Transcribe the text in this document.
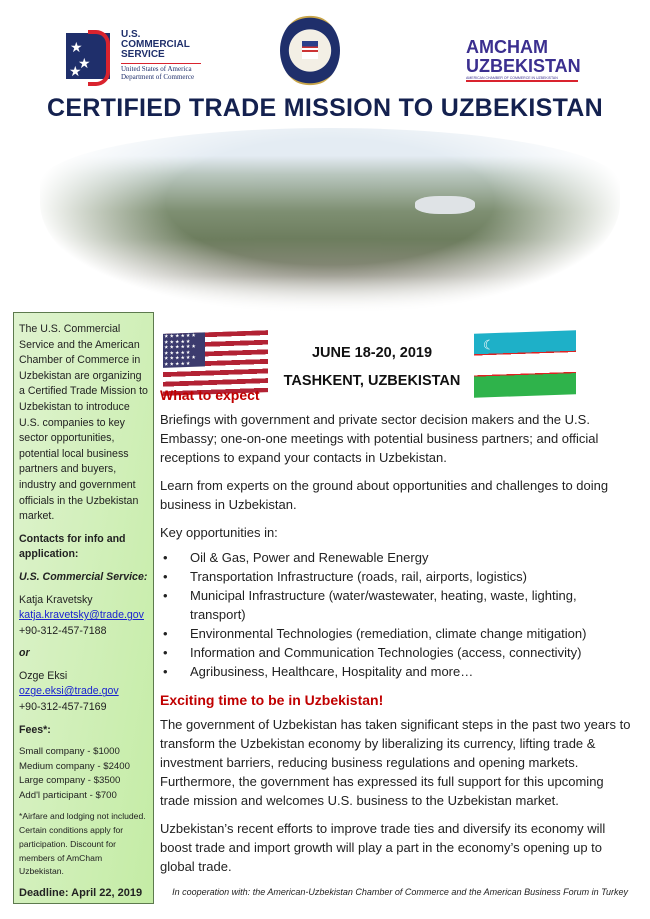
★
★
★
U.S.
COMMERCIAL
SERVICE
United States of America
Department of Commerce
AMCHAM
UZBEKISTAN
AMERICAN CHAMBER OF COMMERCE IN UZBEKISTAN
CERTIFIED TRADE MISSION TO UZBEKISTAN

The U.S. Commercial Service and the American Chamber of Commerce in Uzbekistan are organizing a Certified Trade Mission to Uzbekistan to introduce U.S. companies to key sector opportunities, potential local business partners and buyers, industry and government officials in the Uzbekistan market.

Contacts for info and application:

U.S. Commercial Service:

Katja Kravetsky
katja.kravetsky@trade.gov
+90-312-457-7188

or

Ozge Eksi
ozge.eksi@trade.gov
+90-312-457-7169

Fees*:

Small company - $1000
Medium company - $2400
Large company - $3500
Add'l participant - $700

*Airfare and lodging not included. Certain conditions apply for participation. Discount for members of AmCham Uzbekistan.

Deadline: April 22, 2019

★★★★★★ ★★★★★ ★★★★★★ ★★★★★ ★★★★★★ ★★★★★
JUNE 18-20, 2019
TASHKENT, UZBEKISTAN
☾
What to expect

Briefings with government and private sector decision makers and the U.S. Embassy; one-on-one meetings with potential business partners; and official receptions to expand your contacts in Uzbekistan.

Learn from experts on the ground about opportunities and challenges to doing business in Uzbekistan.

Key opportunities in:

• Oil & Gas, Power and Renewable Energy
• Transportation Infrastructure (roads, rail, airports, logistics)
• Municipal Infrastructure (water/wastewater, heating, waste, lighting, transport)
• Environmental Technologies (remediation, climate change mitigation)
• Information and Communication Technologies (access, connectivity)
• Agribusiness, Healthcare, Hospitality and more…
Exciting time to be in Uzbekistan!

The government of Uzbekistan has taken significant steps in the past two years to transform the Uzbekistan economy by liberalizing its currency, lifting trade & investment barriers, reducing business regulations and opening markets. Furthermore, the government has expressed its full support for this upcoming trade mission and welcomes U.S. business to the Uzbekistan market.

Uzbekistan’s recent efforts to improve trade ties and diversify its economy will boost trade and import growth will play a part in the economy’s opening up to global trade.

In cooperation with: the American-Uzbekistan Chamber of Commerce and the American Business Forum in Turkey
